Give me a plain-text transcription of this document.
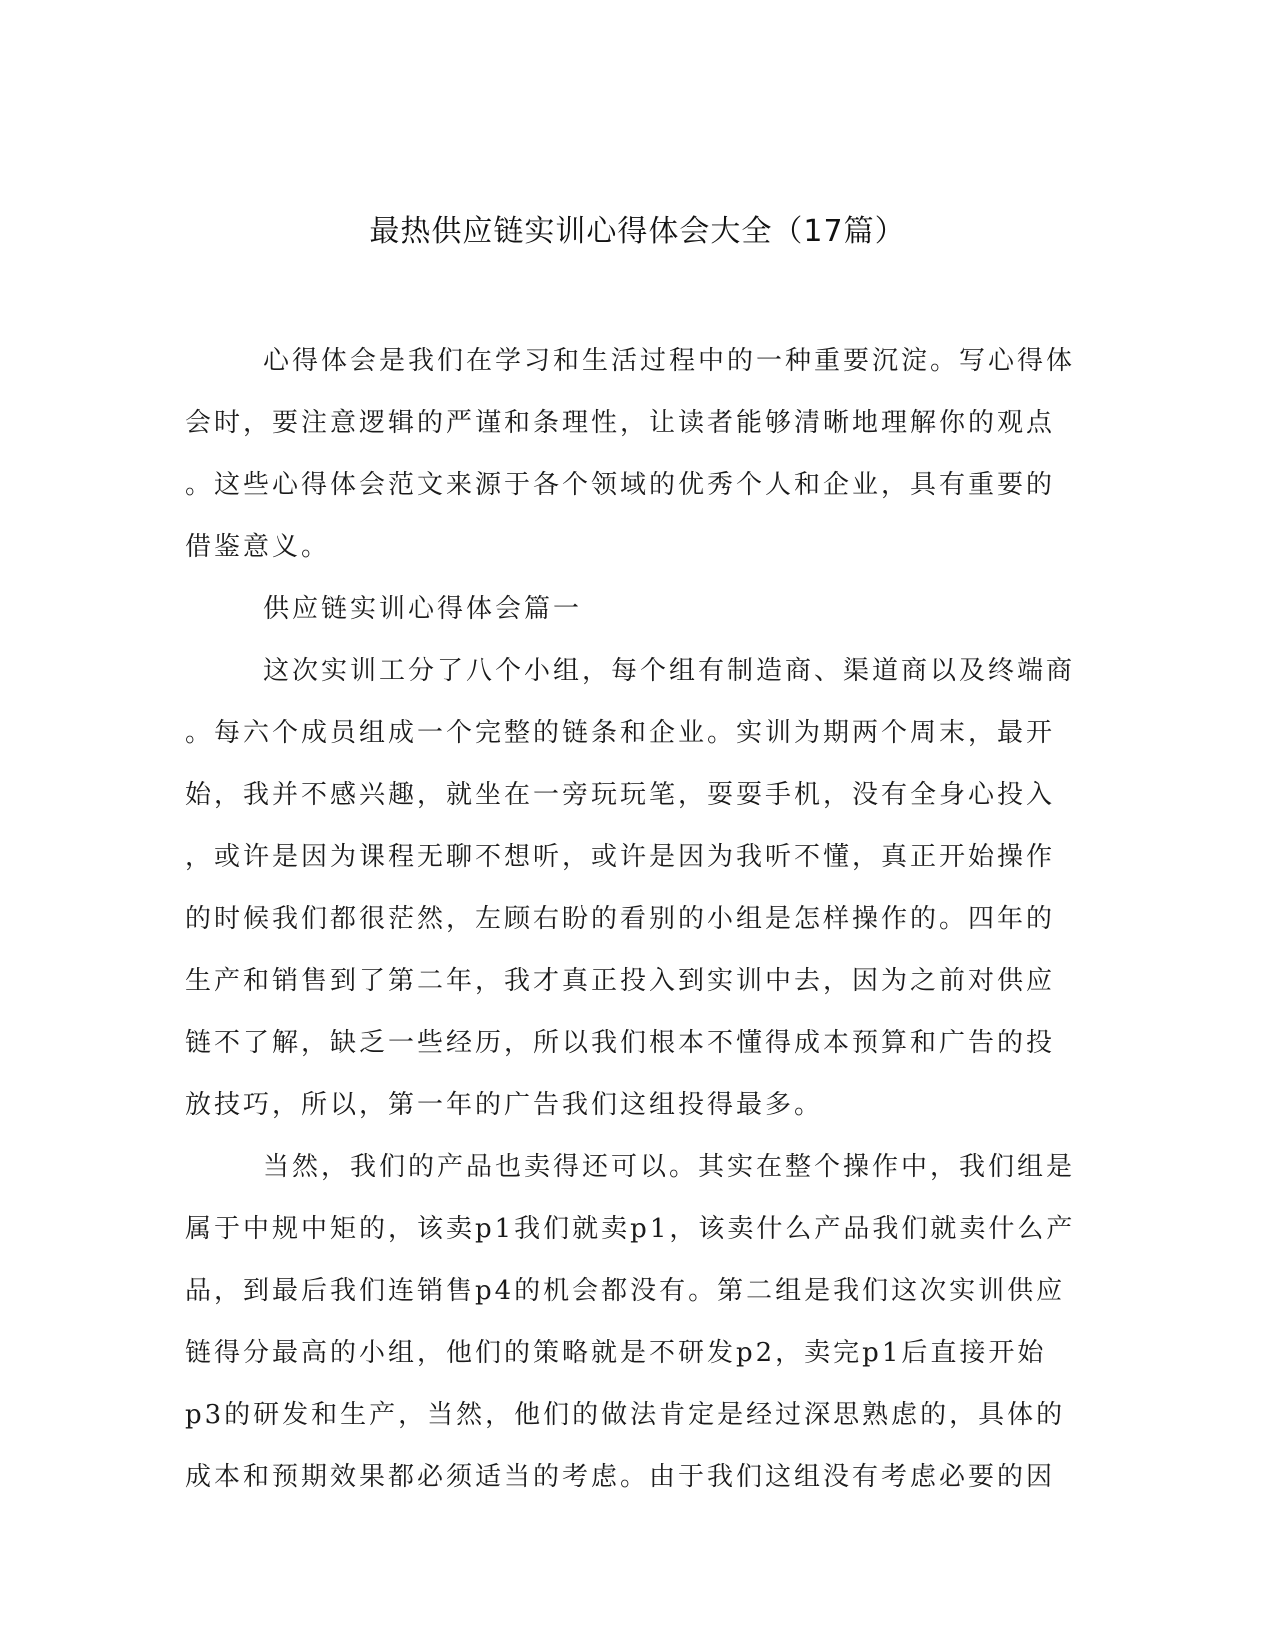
最热供应链实训心得体会大全（17篇）
心得体会是我们在学习和生活过程中的一种重要沉淀。写心得体
会时，要注意逻辑的严谨和条理性，让读者能够清晰地理解你的观点
。这些心得体会范文来源于各个领域的优秀个人和企业，具有重要的
借鉴意义。
供应链实训心得体会篇一
这次实训工分了八个小组，每个组有制造商、渠道商以及终端商
。每六个成员组成一个完整的链条和企业。实训为期两个周末，最开
始，我并不感兴趣，就坐在一旁玩玩笔，耍耍手机，没有全身心投入
，或许是因为课程无聊不想听，或许是因为我听不懂，真正开始操作
的时候我们都很茫然，左顾右盼的看别的小组是怎样操作的。四年的
生产和销售到了第二年，我才真正投入到实训中去，因为之前对供应
链不了解，缺乏一些经历，所以我们根本不懂得成本预算和广告的投
放技巧，所以，第一年的广告我们这组投得最多。
当然，我们的产品也卖得还可以。其实在整个操作中，我们组是
属于中规中矩的，该卖p1我们就卖p1，该卖什么产品我们就卖什么产
品，到最后我们连销售p4的机会都没有。第二组是我们这次实训供应
链得分最高的小组，他们的策略就是不研发p2，卖完p1后直接开始
p3的研发和生产，当然，他们的做法肯定是经过深思熟虑的，具体的
成本和预期效果都必须适当的考虑。由于我们这组没有考虑必要的因
